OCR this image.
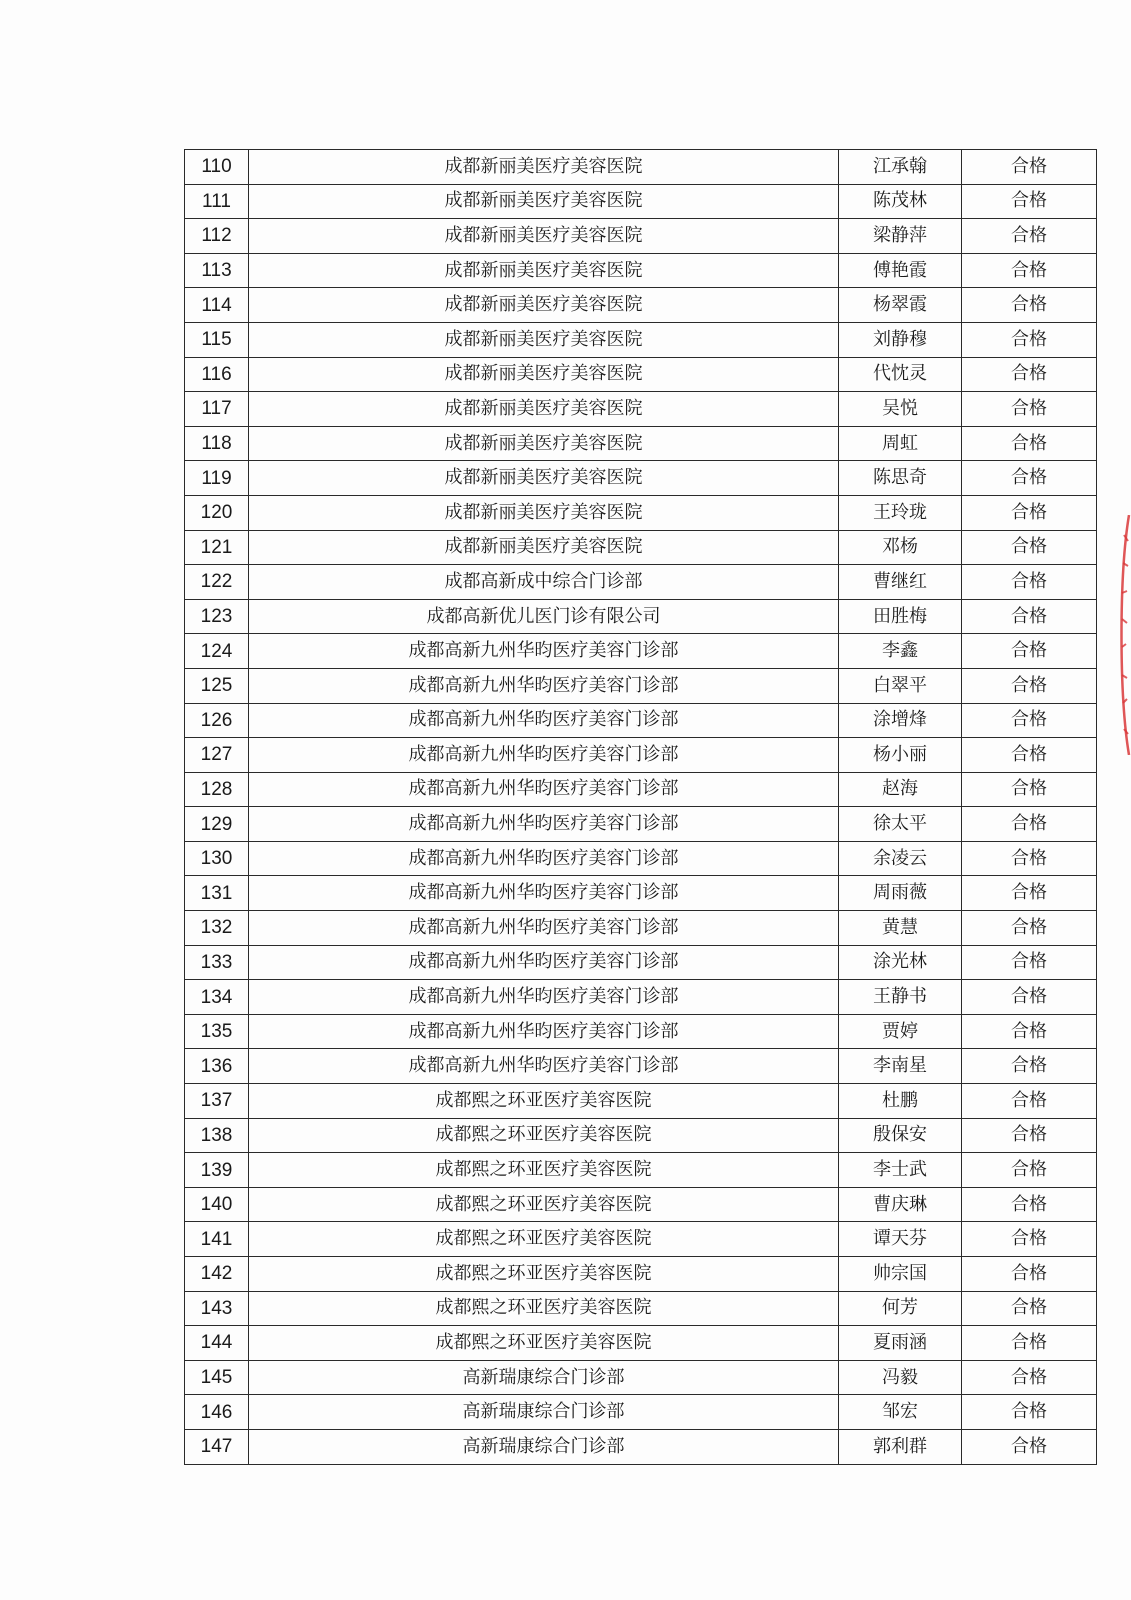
110	成都新丽美医疗美容医院	江承翰	合格
111	成都新丽美医疗美容医院	陈茂林	合格
112	成都新丽美医疗美容医院	梁静萍	合格
113	成都新丽美医疗美容医院	傅艳霞	合格
114	成都新丽美医疗美容医院	杨翠霞	合格
115	成都新丽美医疗美容医院	刘静穆	合格
116	成都新丽美医疗美容医院	代忱灵	合格
117	成都新丽美医疗美容医院	吴悦	合格
118	成都新丽美医疗美容医院	周虹	合格
119	成都新丽美医疗美容医院	陈思奇	合格
120	成都新丽美医疗美容医院	王玲珑	合格
121	成都新丽美医疗美容医院	邓杨	合格
122	成都高新成中综合门诊部	曹继红	合格
123	成都高新优儿医门诊有限公司	田胜梅	合格
124	成都高新九州华昀医疗美容门诊部	李鑫	合格
125	成都高新九州华昀医疗美容门诊部	白翠平	合格
126	成都高新九州华昀医疗美容门诊部	涂增烽	合格
127	成都高新九州华昀医疗美容门诊部	杨小丽	合格
128	成都高新九州华昀医疗美容门诊部	赵海	合格
129	成都高新九州华昀医疗美容门诊部	徐太平	合格
130	成都高新九州华昀医疗美容门诊部	余凌云	合格
131	成都高新九州华昀医疗美容门诊部	周雨薇	合格
132	成都高新九州华昀医疗美容门诊部	黄慧	合格
133	成都高新九州华昀医疗美容门诊部	涂光林	合格
134	成都高新九州华昀医疗美容门诊部	王静书	合格
135	成都高新九州华昀医疗美容门诊部	贾婷	合格
136	成都高新九州华昀医疗美容门诊部	李南星	合格
137	成都熙之环亚医疗美容医院	杜鹏	合格
138	成都熙之环亚医疗美容医院	殷保安	合格
139	成都熙之环亚医疗美容医院	李士武	合格
140	成都熙之环亚医疗美容医院	曹庆琳	合格
141	成都熙之环亚医疗美容医院	谭天芬	合格
142	成都熙之环亚医疗美容医院	帅宗国	合格
143	成都熙之环亚医疗美容医院	何芳	合格
144	成都熙之环亚医疗美容医院	夏雨涵	合格
145	高新瑞康综合门诊部	冯毅	合格
146	高新瑞康综合门诊部	邹宏	合格
147	高新瑞康综合门诊部	郭利群	合格
